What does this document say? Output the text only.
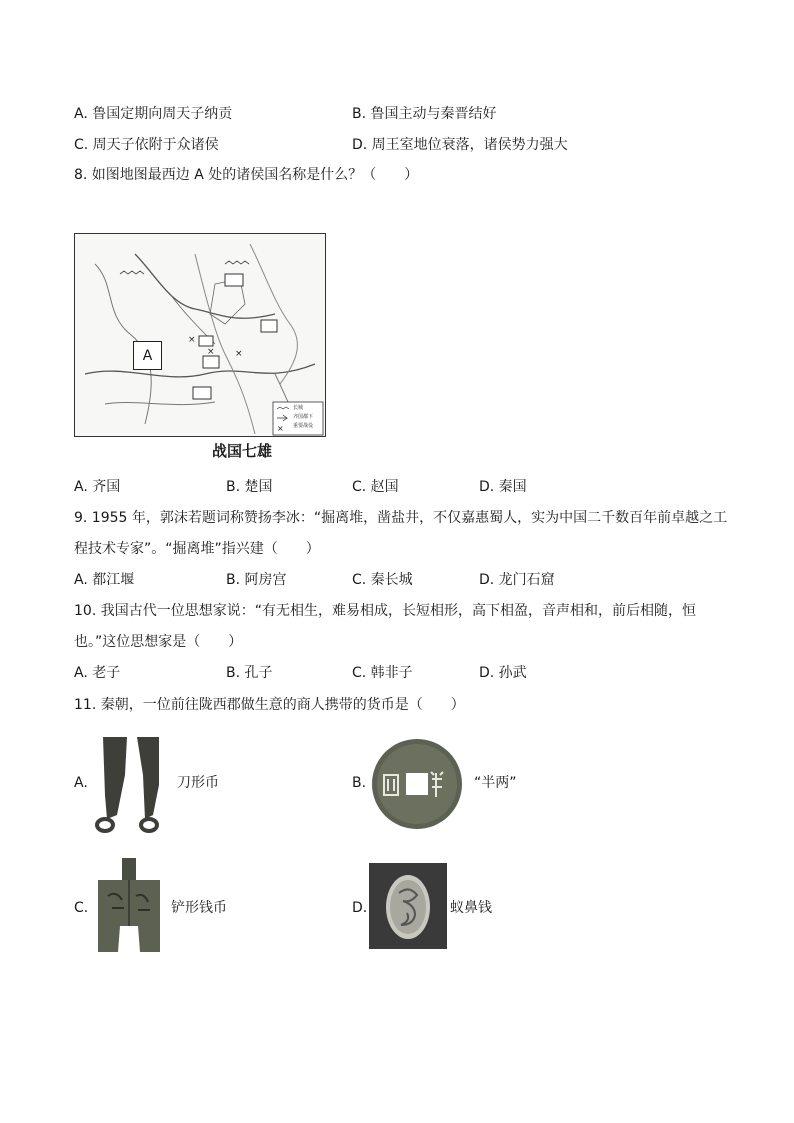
A. 鲁国定期向周天子纳贡	B. 鲁国主动与秦晋结好
C. 周天子依附于众诸侯	D. 周王室地位衰落，诸侯势力强大
8. 如图地图最西边 A 处的诸侯国名称是什么？（　　）
×
×
×
×
A
长城
齐国都下
重要战役
战国七雄
A. 齐国	B. 楚国	C. 赵国	D. 秦国
9. 1955 年，郭沫若题词称赞扬李冰：“掘离堆，凿盐井，不仅嘉惠蜀人，实为中国二千数百年前卓越之工
程技术专家”。“掘离堆”指兴建（　　）
A. 都江堰	B. 阿房宫	C. 秦长城	D. 龙门石窟
10. 我国古代一位思想家说：“有无相生，难易相成，长短相形，高下相盈，音声相和，前后相随，恒
也。”这位思想家是（　　）
A. 老子	B. 孔子	C. 韩非子	D. 孙武
11. 秦朝，一位前往陇西郡做生意的商人携带的货币是（　　）
A.	刀形币	B.	“半两”
C.	铲形钱币	D.	蚁鼻钱
